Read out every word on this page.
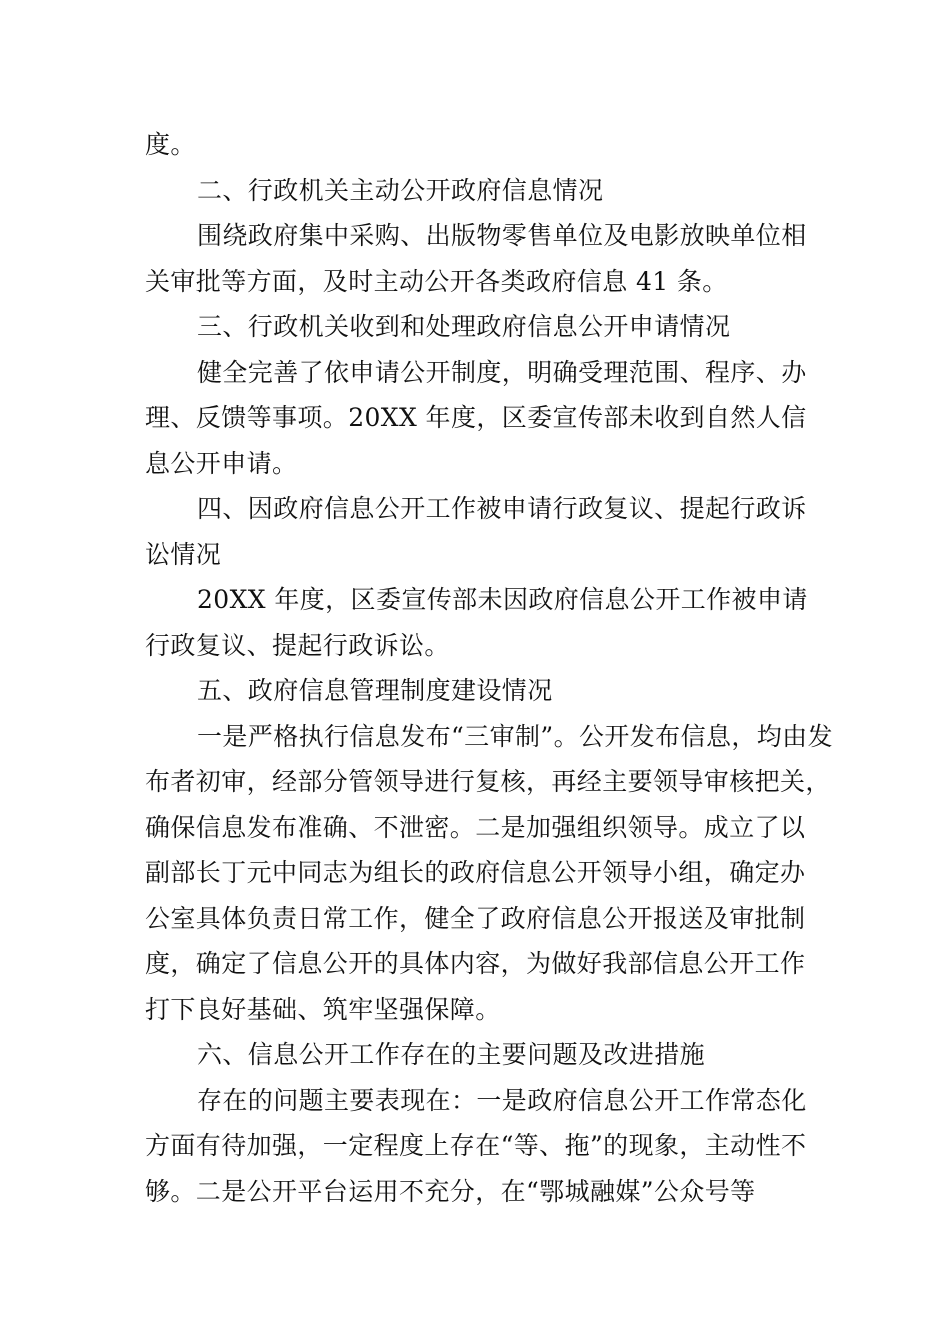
度。
二、行政机关主动公开政府信息情况
围绕政府集中采购、出版物零售单位及电影放映单位相
关审批等方面，及时主动公开各类政府信息 41 条。
三、行政机关收到和处理政府信息公开申请情况
健全完善了依申请公开制度，明确受理范围、程序、办
理、反馈等事项。20XX 年度，区委宣传部未收到自然人信
息公开申请。
四、因政府信息公开工作被申请行政复议、提起行政诉
讼情况
20XX 年度，区委宣传部未因政府信息公开工作被申请
行政复议、提起行政诉讼。
五、政府信息管理制度建设情况
一是严格执行信息发布“三审制”。公开发布信息，均由发
布者初审，经部分管领导进行复核，再经主要领导审核把关，
确保信息发布准确、不泄密。二是加强组织领导。成立了以
副部长丁元中同志为组长的政府信息公开领导小组，确定办
公室具体负责日常工作，健全了政府信息公开报送及审批制
度，确定了信息公开的具体内容，为做好我部信息公开工作
打下良好基础、筑牢坚强保障。
六、信息公开工作存在的主要问题及改进措施
存在的问题主要表现在：一是政府信息公开工作常态化
方面有待加强，一定程度上存在“等、拖”的现象，主动性不
够。二是公开平台运用不充分，在“鄂城融媒”公众号等
